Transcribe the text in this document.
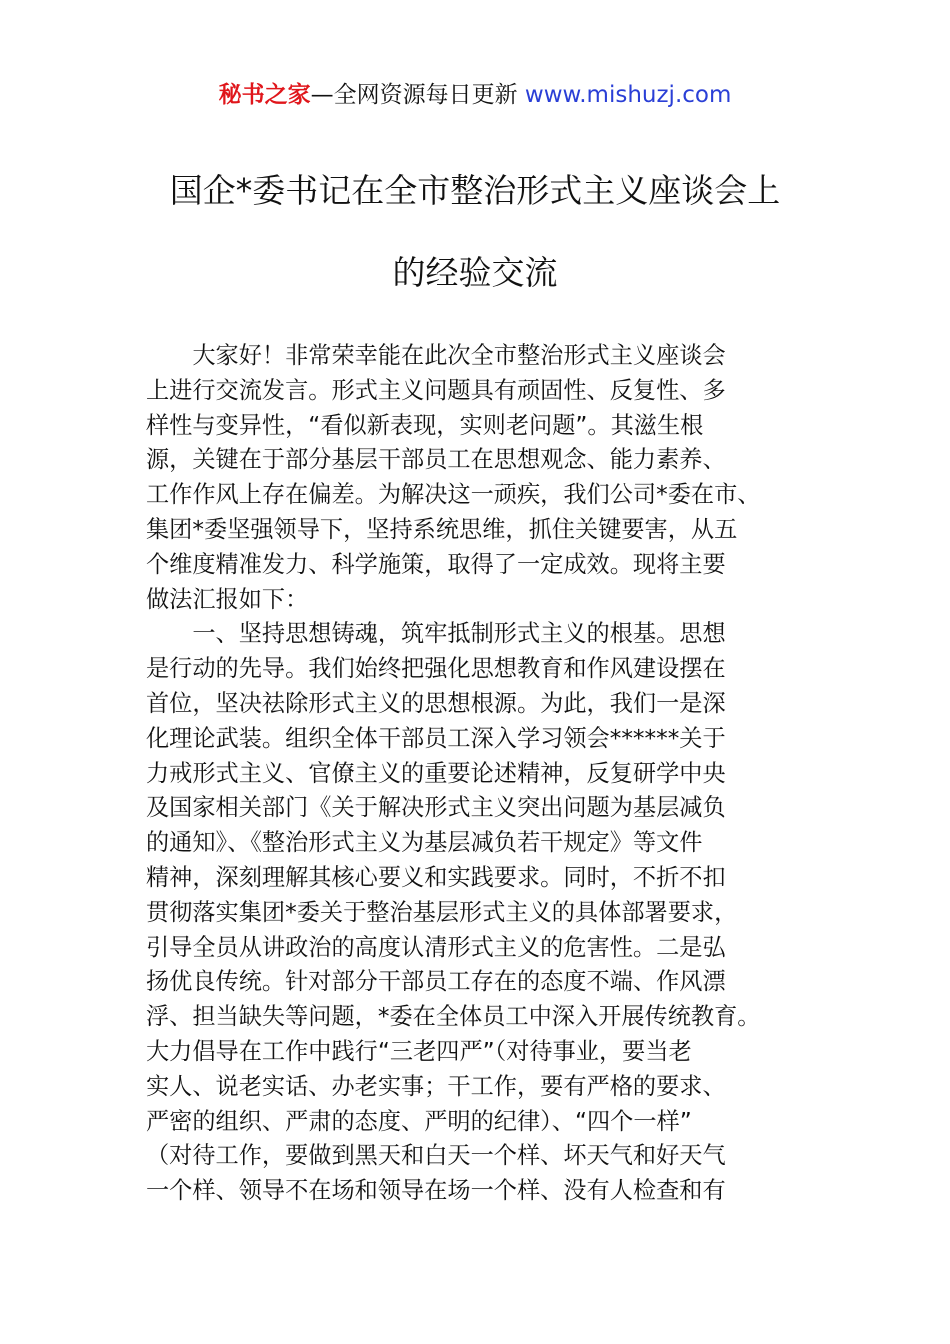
秘书之家—全网资源每日更新 www.mishuzj.com
国企*委书记在全市整治形式主义座谈会上
的经验交流
　　大家好！非常荣幸能在此次全市整治形式主义座谈会
上进行交流发言。形式主义问题具有顽固性、反复性、多
样性与变异性，“看似新表现，实则老问题”。其滋生根
源，关键在于部分基层干部员工在思想观念、能力素养、
工作作风上存在偏差。为解决这一顽疾，我们公司*委在市、
集团*委坚强领导下，坚持系统思维，抓住关键要害，从五
个维度精准发力、科学施策，取得了一定成效。现将主要
做法汇报如下：
　　一、坚持思想铸魂，筑牢抵制形式主义的根基。思想
是行动的先导。我们始终把强化思想教育和作风建设摆在
首位，坚决祛除形式主义的思想根源。为此，我们一是深
化理论武装。组织全体干部员工深入学习领会******关于
力戒形式主义、官僚主义的重要论述精神，反复研学中央
及国家相关部门《关于解决形式主义突出问题为基层减负
的通知》、《整治形式主义为基层减负若干规定》等文件
精神，深刻理解其核心要义和实践要求。同时，不折不扣
贯彻落实集团*委关于整治基层形式主义的具体部署要求，
引导全员从讲政治的高度认清形式主义的危害性。二是弘
扬优良传统。针对部分干部员工存在的态度不端、作风漂
浮、担当缺失等问题，*委在全体员工中深入开展传统教育。
大力倡导在工作中践行“三老四严”（对待事业，要当老
实人、说老实话、办老实事；干工作，要有严格的要求、
严密的组织、严肃的态度、严明的纪律）、“四个一样”
（对待工作，要做到黑天和白天一个样、坏天气和好天气
一个样、领导不在场和领导在场一个样、没有人检查和有
